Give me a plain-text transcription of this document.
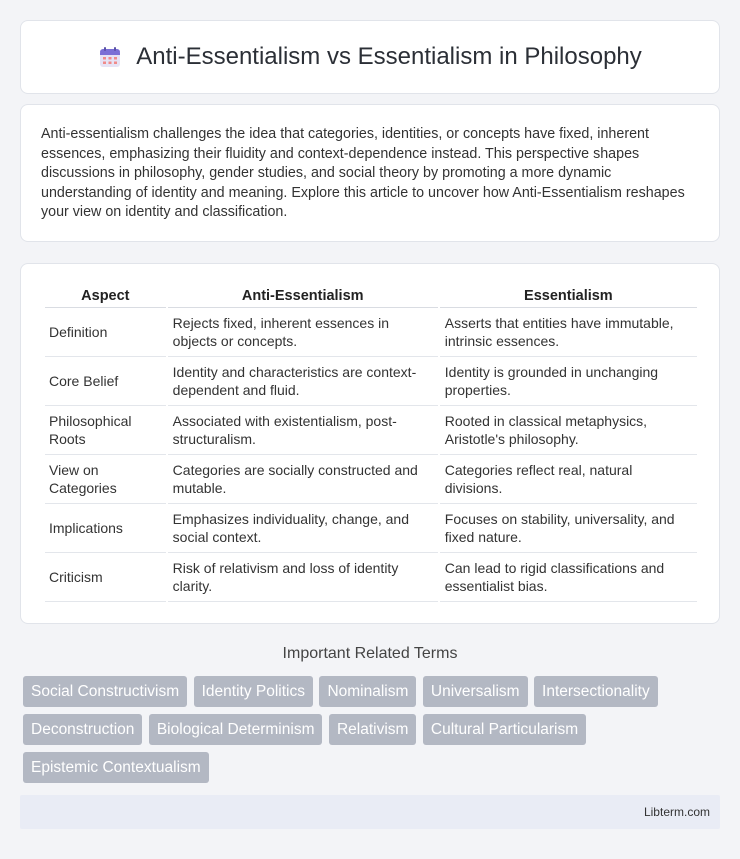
Anti-Essentialism vs Essentialism in Philosophy

Anti-essentialism challenges the idea that categories, identities, or concepts have fixed, inherent essences, emphasizing their fluidity and context-dependence instead. This perspective shapes discussions in philosophy, gender studies, and social theory by promoting a more dynamic understanding of identity and meaning. Explore this article to uncover how Anti-Essentialism reshapes your view on identity and classification.

Aspect	Anti-Essentialism	Essentialism
Definition	Rejects fixed, inherent essences in objects or concepts.	Asserts that entities have immutable, intrinsic essences.
Core Belief	Identity and characteristics are context-dependent and fluid.	Identity is grounded in unchanging properties.
Philosophical Roots	Associated with existentialism, post-structuralism.	Rooted in classical metaphysics, Aristotle's philosophy.
View on Categories	Categories are socially constructed and mutable.	Categories reflect real, natural divisions.
Implications	Emphasizes individuality, change, and social context.	Focuses on stability, universality, and fixed nature.
Criticism	Risk of relativism and loss of identity clarity.	Can lead to rigid classifications and essentialist bias.
Important Related Terms
Social Constructivism Identity Politics Nominalism Universalism Intersectionality Deconstruction Biological Determinism Relativism Cultural Particularism Epistemic Contextualism
Libterm.com
